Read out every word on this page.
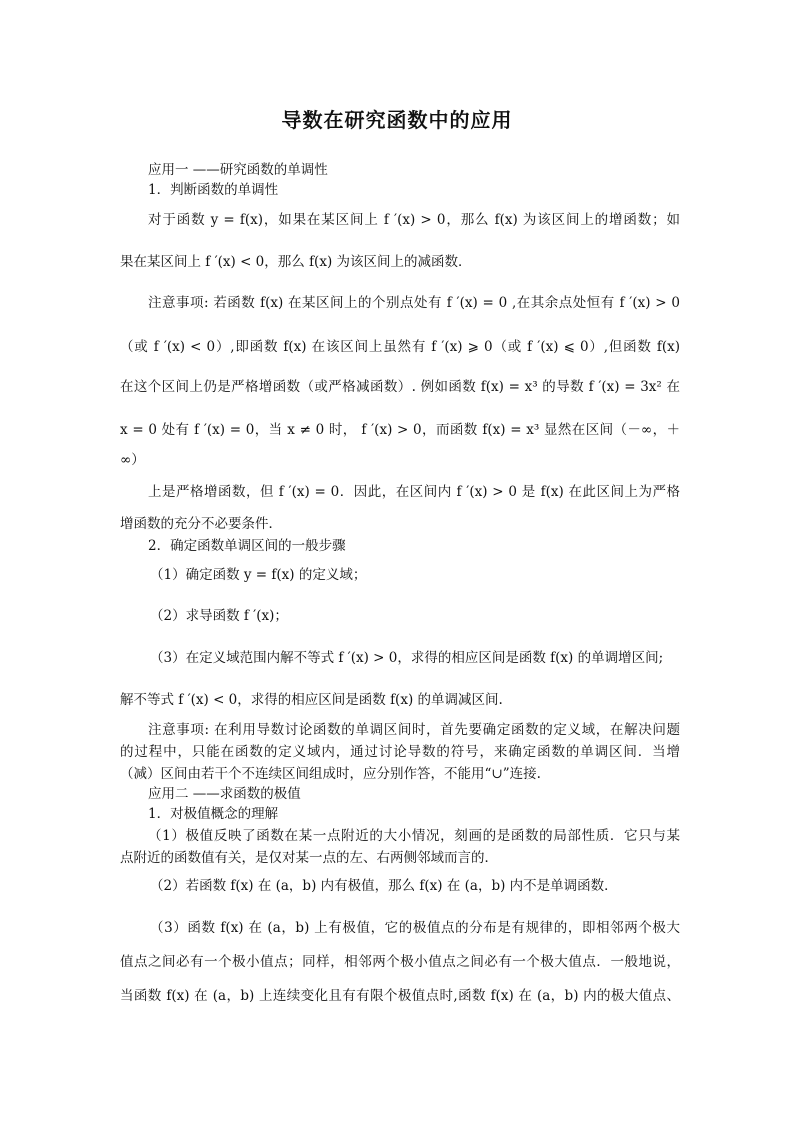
导数在研究函数中的应用
应用一 ——研究函数的单调性
1．判断函数的单调性
对于函数 y = f(x)，如果在某区间上 f ′(x) > 0，那么 f(x) 为该区间上的增函数；如
果在某区间上 f ′(x) < 0，那么 f(x) 为该区间上的减函数．
注意事项: 若函数 f(x) 在某区间上的个别点处有 f ′(x) = 0 ,在其余点处恒有 f ′(x) > 0
（或 f ′(x) < 0）,即函数 f(x) 在该区间上虽然有 f ′(x) ⩾ 0（或 f ′(x) ⩽ 0）,但函数 f(x)
在这个区间上仍是严格增函数（或严格减函数）. 例如函数 f(x) = x³ 的导数 f ′(x) = 3x² 在
x = 0 处有 f ′(x) = 0，当 x ≠ 0 时， f ′(x) > 0，而函数 f(x) = x³ 显然在区间（－∞，＋
∞）
上是严格增函数，但 f ′(x) = 0．因此，在区间内 f ′(x) > 0 是 f(x) 在此区间上为严格
增函数的充分不必要条件．
2．确定函数单调区间的一般步骤
（1）确定函数 y = f(x) 的定义域；
（2）求导函数 f ′(x)；
（3）在定义域范围内解不等式 f ′(x) > 0，求得的相应区间是函数 f(x) 的单调增区间;
解不等式 f ′(x) < 0，求得的相应区间是函数 f(x) 的单调减区间.
注意事项: 在利用导数讨论函数的单调区间时，首先要确定函数的定义域，在解决问题
的过程中，只能在函数的定义域内，通过讨论导数的符号，来确定函数的单调区间．当增
（减）区间由若干个不连续区间组成时，应分别作答，不能用“∪”连接.
应用二 ——求函数的极值
1．对极值概念的理解
（1）极值反映了函数在某一点附近的大小情况，刻画的是函数的局部性质．它只与某
点附近的函数值有关，是仅对某一点的左、右两侧邻域而言的．
（2）若函数 f(x) 在 (a，b) 内有极值，那么 f(x) 在 (a，b) 内不是单调函数．
（3）函数 f(x) 在 (a，b) 上有极值，它的极值点的分布是有规律的，即相邻两个极大
值点之间必有一个极小值点；同样，相邻两个极小值点之间必有一个极大值点．一般地说，
当函数 f(x) 在 (a，b) 上连续变化且有有限个极值点时,函数 f(x) 在 (a，b) 内的极大值点、
